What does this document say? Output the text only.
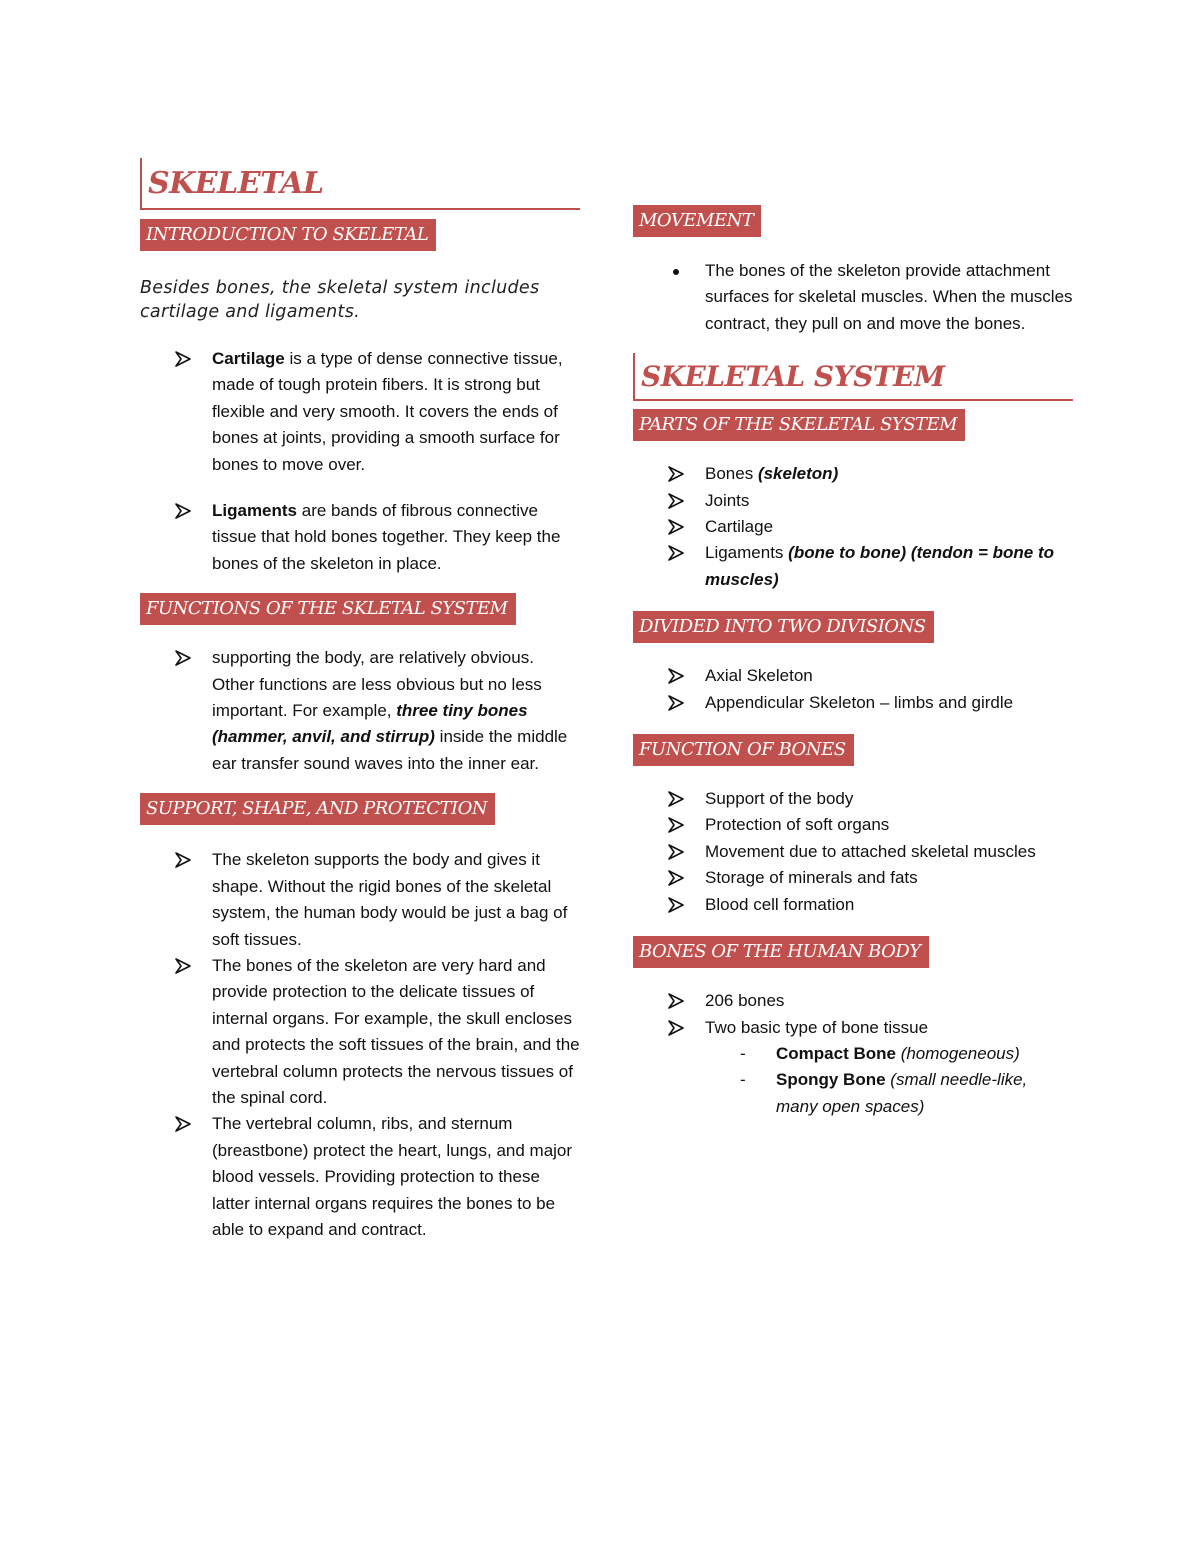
SKELETAL
INTRODUCTION TO SKELETAL

Besides bones, the skeletal system includes cartilage and ligaments.

Cartilage is a type of dense connective tissue, made of tough protein fibers. It is strong but flexible and very smooth. It covers the ends of bones at joints, providing a smooth surface for bones to move over.
Ligaments are bands of fibrous connective tissue that hold bones together. They keep the bones of the skeleton in place.
FUNCTIONS OF THE SKLETAL SYSTEM
supporting the body, are relatively obvious. Other functions are less obvious but no less important. For example, three tiny bones (hammer, anvil, and stirrup) inside the middle ear transfer sound waves into the inner ear.
SUPPORT, SHAPE, AND PROTECTION
The skeleton supports the body and gives it shape. Without the rigid bones of the skeletal system, the human body would be just a bag of soft tissues.
The bones of the skeleton are very hard and provide protection to the delicate tissues of internal organs. For example, the skull encloses and protects the soft tissues of the brain, and the vertebral column protects the nervous tissues of the spinal cord.
The vertebral column, ribs, and sternum (breastbone) protect the heart, lungs, and major blood vessels. Providing protection to these latter internal organs requires the bones to be able to expand and contract.
MOVEMENT
The bones of the skeleton provide attachment surfaces for skeletal muscles. When the muscles contract, they pull on and move the bones.
SKELETAL SYSTEM
PARTS OF THE SKELETAL SYSTEM
Bones (skeleton)
Joints
Cartilage
Ligaments (bone to bone) (tendon = bone to muscles)
DIVIDED INTO TWO DIVISIONS
Axial Skeleton
Appendicular Skeleton – limbs and girdle
FUNCTION OF BONES
Support of the body
Protection of soft organs
Movement due to attached skeletal muscles
Storage of minerals and fats
Blood cell formation
BONES OF THE HUMAN BODY
206 bones
Two basic type of bone tissue
- Compact Bone (homogeneous)
- Spongy Bone (small needle-like, many open spaces)
